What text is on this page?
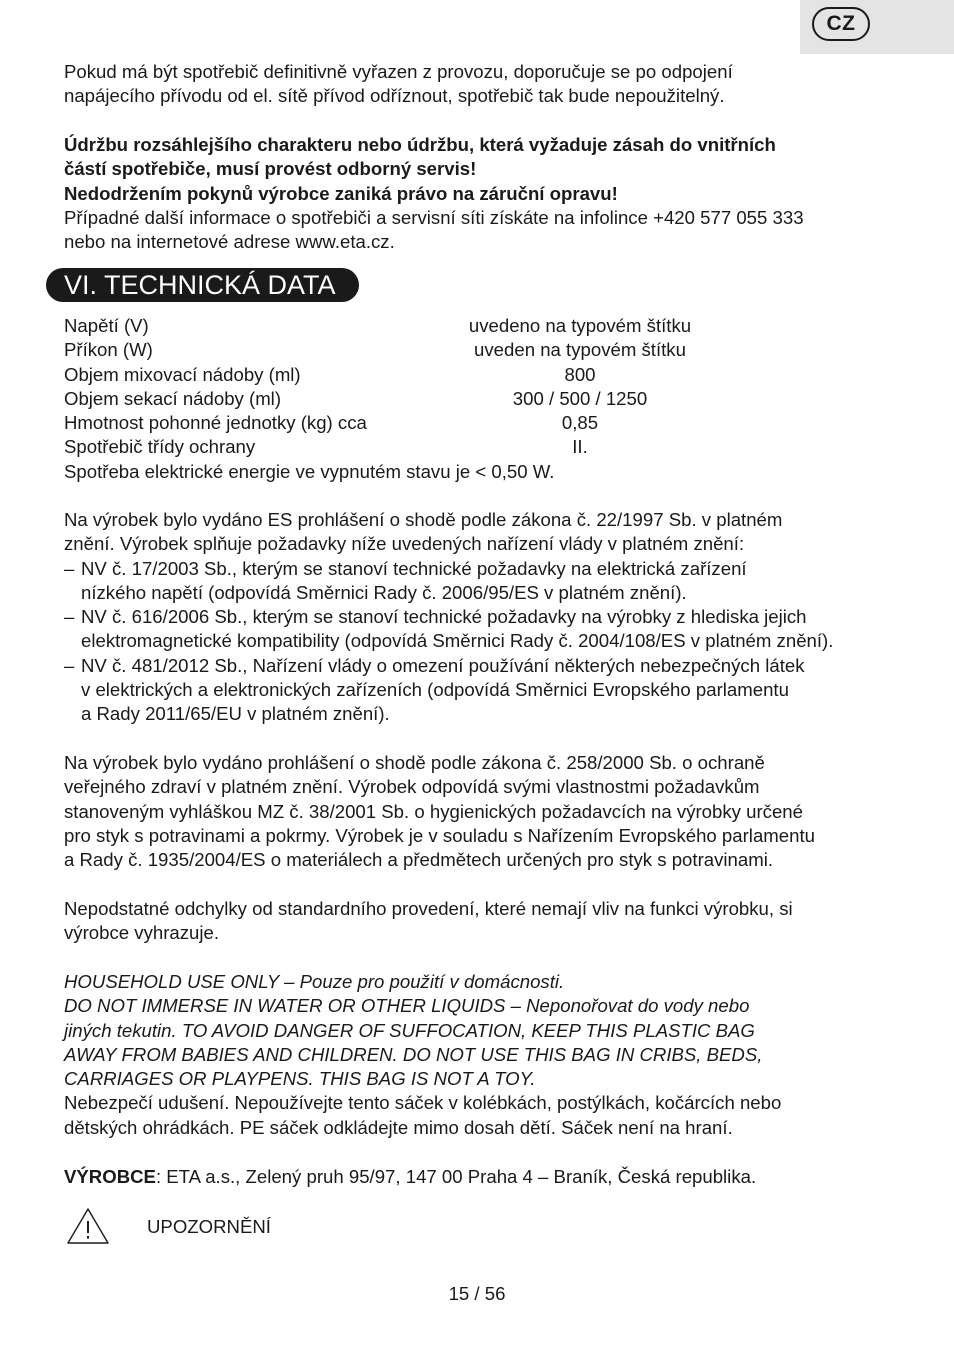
CZ
Pokud má být spotřebič definitivně vyřazen z provozu, doporučuje se po odpojení
napájecího přívodu od el. sítě přívod odříznout, spotřebič tak bude nepoužitelný.
Údržbu rozsáhlejšího charakteru nebo údržbu, která vyžaduje zásah do vnitřních
částí spotřebiče, musí provést odborný servis!
Nedodržením pokynů výrobce zaniká právo na záruční opravu!
Případné další informace o spotřebiči a servisní síti získáte na infolince +420 577 055 333
nebo na internetové adrese www.eta.cz.
VI. TECHNICKÁ DATA
Napětí (V)	uvedeno na typovém štítku
Příkon (W)	uveden na typovém štítku
Objem mixovací nádoby (ml)	800
Objem sekací nádoby (ml)	300 / 500 / 1250
Hmotnost pohonné jednotky (kg) cca	0,85
Spotřebič třídy ochrany	II.
Spotřeba elektrické energie ve vypnutém stavu je < 0,50 W.
Na výrobek bylo vydáno ES prohlášení o shodě podle zákona č. 22/1997 Sb. v platném
znění. Výrobek splňuje požadavky níže uvedených nařízení vlády v platném znění:
– NV č. 17/2003 Sb., kterým se stanoví technické požadavky na elektrická zařízení
nízkého napětí (odpovídá Směrnici Rady č. 2006/95/ES v platném znění).
– NV č. 616/2006 Sb., kterým se stanoví technické požadavky na výrobky z hlediska jejich
elektromagnetické kompatibility (odpovídá Směrnici Rady č. 2004/108/ES v platném znění).
– NV č. 481/2012 Sb., Nařízení vlády o omezení používání některých nebezpečných látek
v elektrických a elektronických zařízeních (odpovídá Směrnici Evropského parlamentu
a Rady 2011/65/EU v platném znění).
Na výrobek bylo vydáno prohlášení o shodě podle zákona č. 258/2000 Sb. o ochraně
veřejného zdraví v platném znění. Výrobek odpovídá svými vlastnostmi požadavkům
stanoveným vyhláškou MZ č. 38/2001 Sb. o hygienických požadavcích na výrobky určené
pro styk s potravinami a pokrmy. Výrobek je v souladu s Nařízením Evropského parlamentu
a Rady č. 1935/2004/ES o materiálech a předmětech určených pro styk s potravinami.
Nepodstatné odchylky od standardního provedení, které nemají vliv na funkci výrobku, si
výrobce vyhrazuje.
HOUSEHOLD USE ONLY – Pouze pro použití v domácnosti.
DO NOT IMMERSE IN WATER OR OTHER LIQUIDS – Neponořovat do vody nebo
jiných tekutin. TO AVOID DANGER OF SUFFOCATION, KEEP THIS PLASTIC BAG
AWAY FROM BABIES AND CHILDREN. DO NOT USE THIS BAG IN CRIBS, BEDS,
CARRIAGES OR PLAYPENS. THIS BAG IS NOT A TOY.
Nebezpečí udušení. Nepoužívejte tento sáček v kolébkách, postýlkách, kočárcích nebo
dětských ohrádkách. PE sáček odkládejte mimo dosah dětí. Sáček není na hraní.
VÝROBCE: ETA a.s., Zelený pruh 95/97, 147 00 Praha 4 – Braník, Česká republika.
UPOZORNĚNÍ
15 / 56
